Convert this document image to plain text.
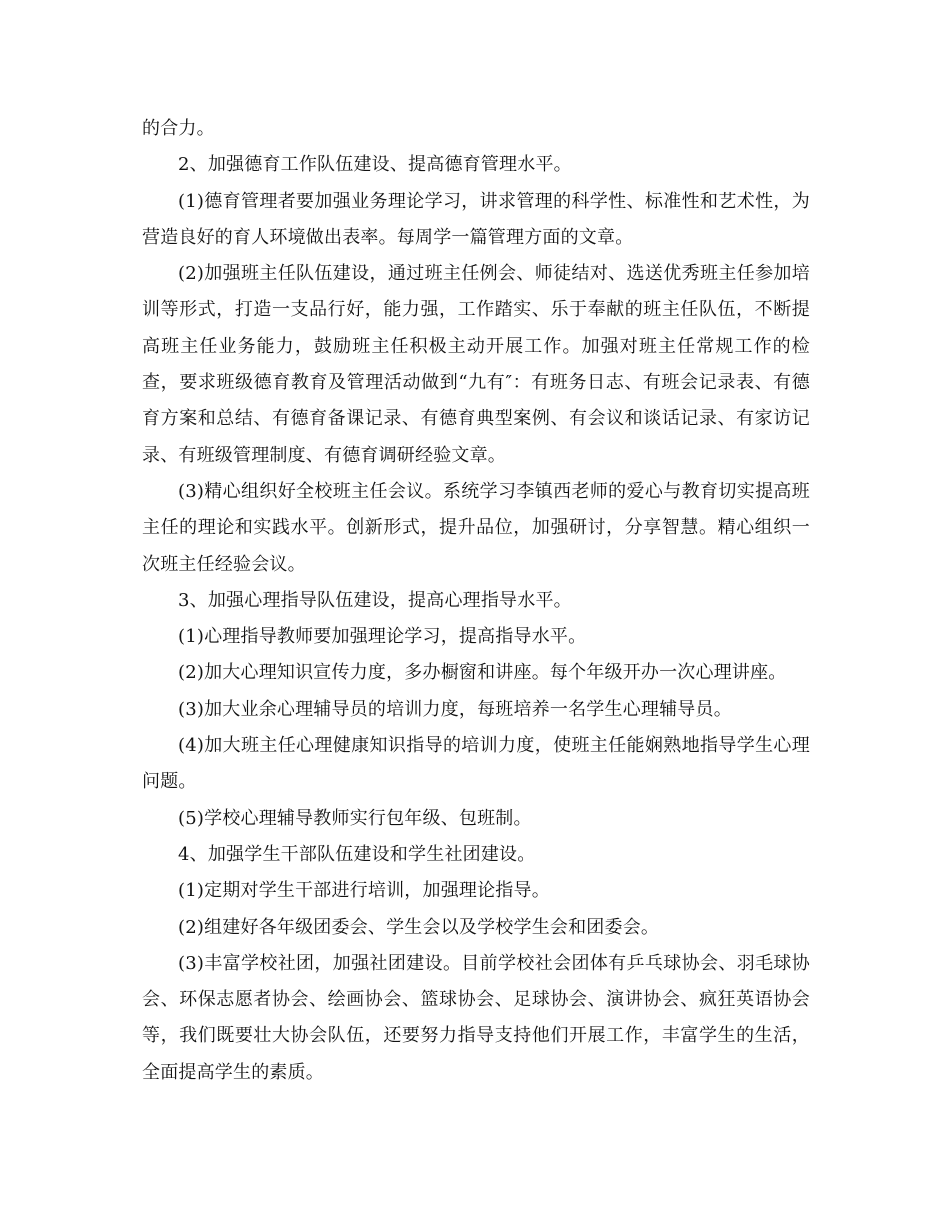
的合力。

2、加强德育工作队伍建设、提高德育管理水平。

(1)德育管理者要加强业务理论学习，讲求管理的科学性、标准性和艺术性，为营造良好的育人环境做出表率。每周学一篇管理方面的文章。

(2)加强班主任队伍建设，通过班主任例会、师徒结对、选送优秀班主任参加培训等形式，打造一支品行好，能力强，工作踏实、乐于奉献的班主任队伍，不断提高班主任业务能力，鼓励班主任积极主动开展工作。加强对班主任常规工作的检查，要求班级德育教育及管理活动做到“九有″：有班务日志、有班会记录表、有德育方案和总结、有德育备课记录、有德育典型案例、有会议和谈话记录、有家访记录、有班级管理制度、有德育调研经验文章。

(3)精心组织好全校班主任会议。系统学习李镇西老师的爱心与教育切实提高班主任的理论和实践水平。创新形式，提升品位，加强研讨，分享智慧。精心组织一次班主任经验会议。

3、加强心理指导队伍建设，提高心理指导水平。

(1)心理指导教师要加强理论学习，提高指导水平。

(2)加大心理知识宣传力度，多办橱窗和讲座。每个年级开办一次心理讲座。

(3)加大业余心理辅导员的培训力度，每班培养一名学生心理辅导员。

(4)加大班主任心理健康知识指导的培训力度，使班主任能娴熟地指导学生心理问题。

(5)学校心理辅导教师实行包年级、包班制。

4、加强学生干部队伍建设和学生社团建设。

(1)定期对学生干部进行培训，加强理论指导。

(2)组建好各年级团委会、学生会以及学校学生会和团委会。

(3)丰富学校社团，加强社团建设。目前学校社会团体有乒乓球协会、羽毛球协会、环保志愿者协会、绘画协会、篮球协会、足球协会、演讲协会、疯狂英语协会等，我们既要壮大协会队伍，还要努力指导支持他们开展工作，丰富学生的生活，全面提高学生的素质。
